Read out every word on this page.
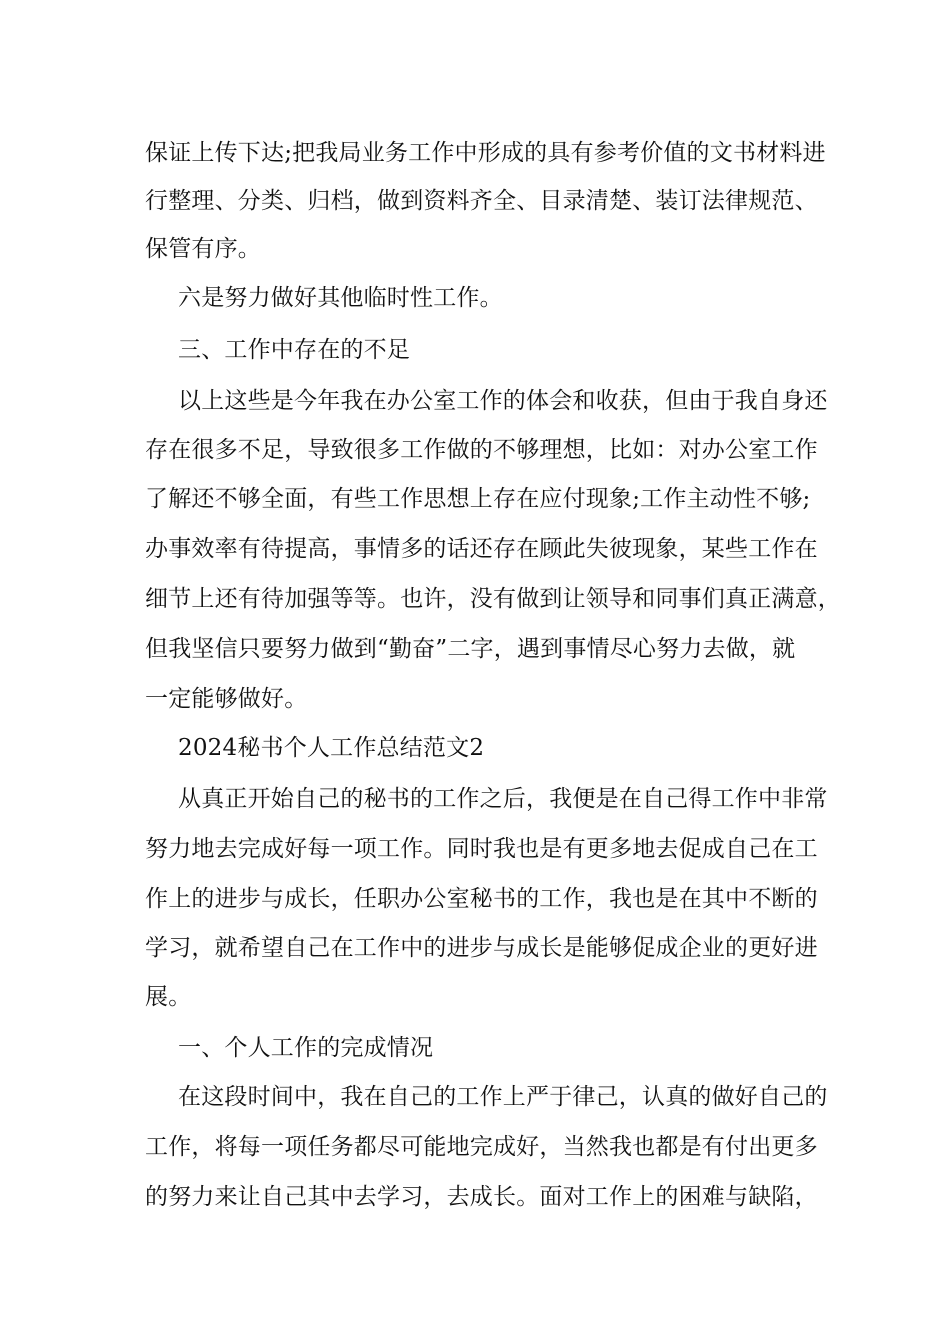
保证上传下达;把我局业务工作中形成的具有参考价值的文书材料进
行整理、分类、归档，做到资料齐全、目录清楚、装订法律规范、
保管有序。
六是努力做好其他临时性工作。
三、工作中存在的不足
以上这些是今年我在办公室工作的体会和收获，但由于我自身还
存在很多不足，导致很多工作做的不够理想，比如：对办公室工作
了解还不够全面，有些工作思想上存在应付现象;工作主动性不够;
办事效率有待提高，事情多的话还存在顾此失彼现象，某些工作在
细节上还有待加强等等。也许，没有做到让领导和同事们真正满意，
但我坚信只要努力做到“勤奋”二字，遇到事情尽心努力去做，就
一定能够做好。
2024秘书个人工作总结范文2
从真正开始自己的秘书的工作之后，我便是在自己得工作中非常
努力地去完成好每一项工作。同时我也是有更多地去促成自己在工
作上的进步与成长，任职办公室秘书的工作，我也是在其中不断的
学习，就希望自己在工作中的进步与成长是能够促成企业的更好进
展。
一、个人工作的完成情况
在这段时间中，我在自己的工作上严于律己，认真的做好自己的
工作，将每一项任务都尽可能地完成好，当然我也都是有付出更多
的努力来让自己其中去学习，去成长。面对工作上的困难与缺陷，
